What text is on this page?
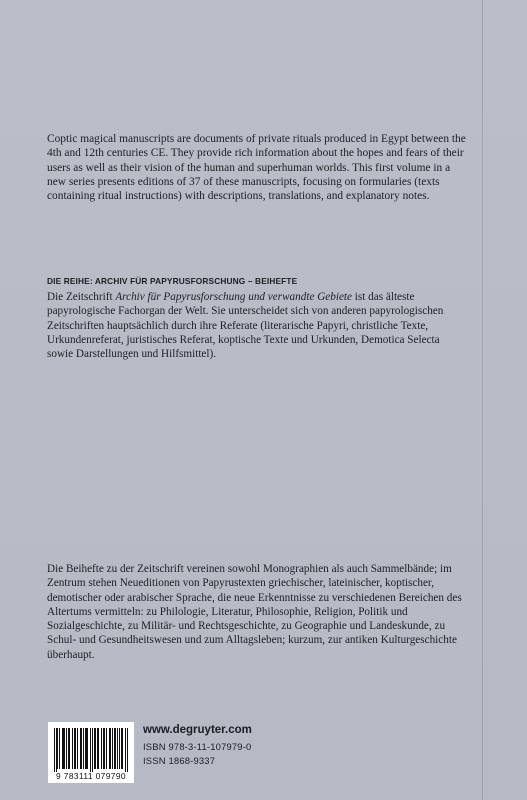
Coptic magical manuscripts are documents of private rituals produced in Egypt between the 4th and 12th centuries CE. They provide rich information about the hopes and fears of their users as well as their vision of the human and superhuman worlds. This first volume in a new series presents editions of 37 of these manuscripts, focusing on formularies (texts containing ritual instructions) with descriptions, translations, and explanatory notes.

DIE REIHE: ARCHIV FÜR PAPYRUSFORSCHUNG – BEIHEFTE

Die Zeitschrift Archiv für Papyrusforschung und verwandte Gebiete ist das älteste papyrologische Fachorgan der Welt. Sie unterscheidet sich von anderen papyrologischen Zeitschriften hauptsächlich durch ihre Referate (literarische Papyri, christliche Texte, Urkundenreferat, juristisches Referat, koptische Texte und Urkunden, Demotica Selecta sowie Darstellungen und Hilfsmittel).

Die Beihefte zu der Zeitschrift vereinen sowohl Monographien als auch Sammelbände; im Zentrum stehen Neueditionen von Papyrustexten griechischer, lateinischer, koptischer, demotischer oder arabischer Sprache, die neue Erkenntnisse zu verschiedenen Bereichen des Altertums vermitteln: zu Philologie, Literatur, Philosophie, Religion, Politik und Sozialgeschichte, zu Militär- und Rechtsgeschichte, zu Geographie und Landeskunde, zu Schul- und Gesundheitswesen und zum Alltagsleben; kurzum, zur antiken Kulturgeschichte überhaupt.

9 783111 079790
www.degruyter.com
ISBN 978-3-11-107979-0
ISSN 1868-9337
